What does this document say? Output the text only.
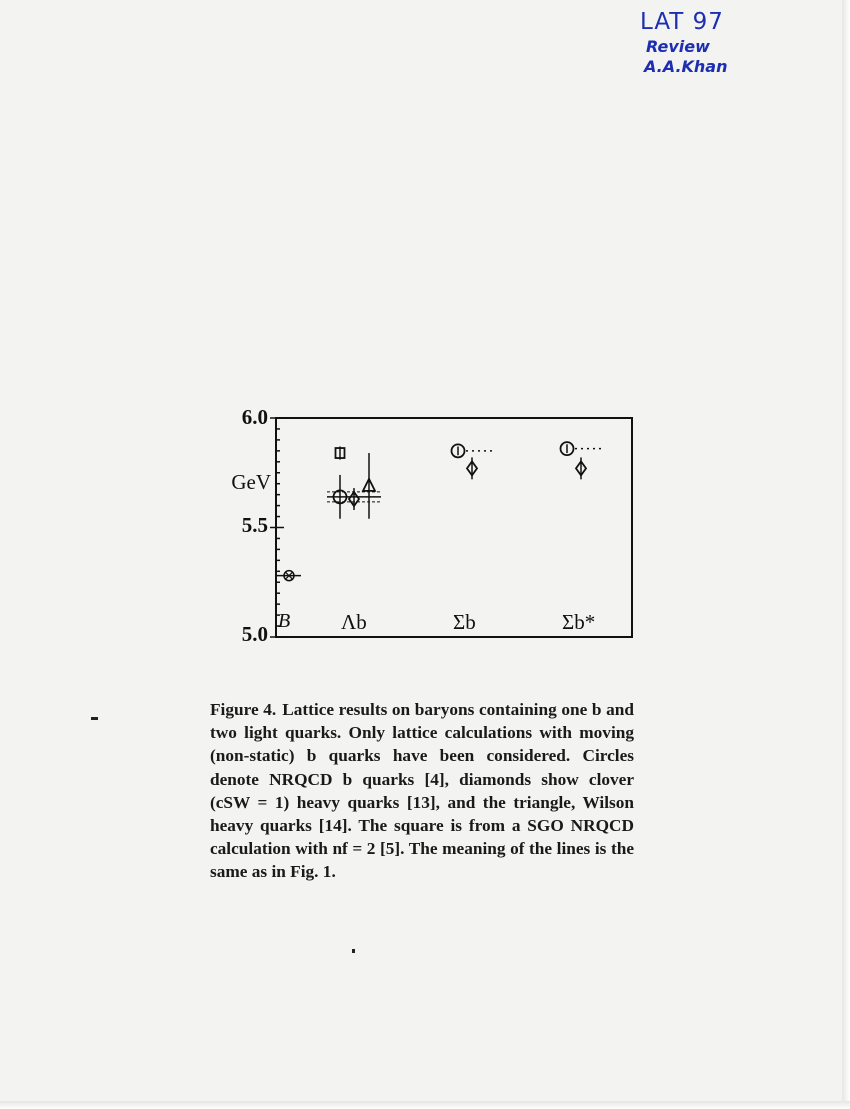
LAT 97
Review
A.A.Khan
6.0
5.5
5.0
GeV
B Λb	Σb	Σb*
Figure 4. Lattice results on baryons containing one b and two light quarks. Only lattice calculations with moving (non-static) b quarks have been considered. Circles denote NRQCD b quarks [4], diamonds show clover (cSW = 1) heavy quarks [13], and the triangle, Wilson heavy quarks [14]. The square is from a SGO NRQCD calculation with nf = 2 [5]. The meaning of the lines is the same as in Fig. 1.
